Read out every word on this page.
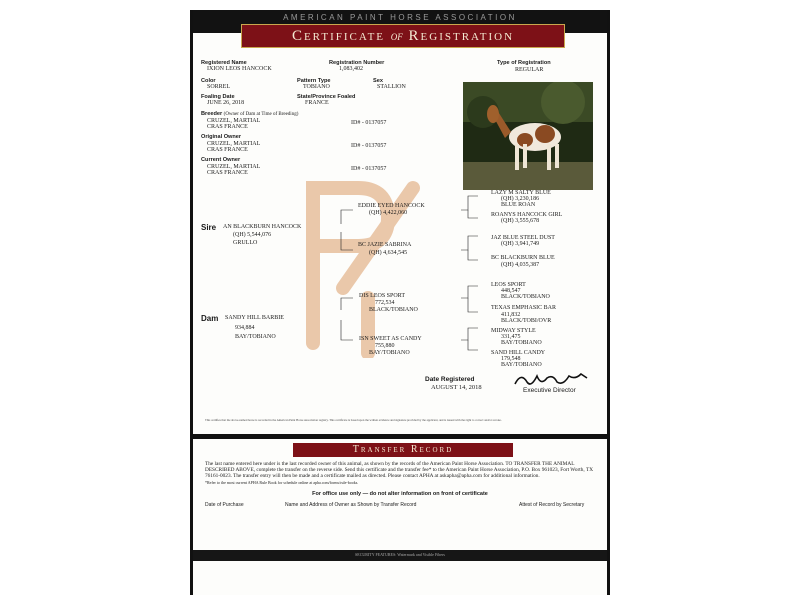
AMERICAN PAINT HORSE ASSOCIATION
Certificate of Registration
Registered Name
IXION LEOS HANCOCK
Registration Number
1,083,402
Type of Registration
REGULAR
Color
SORREL
Pattern Type
TOBIANO
Sex
STALLION
Foaling Date
JUNE 26, 2018
State/Province Foaled
FRANCE
Breeder (Owner of Dam at Time of Breeding)
CRUZEL, MARTIAL
CRAS FRANCE
ID# - 0137057
Original Owner
CRUZEL, MARTIAL
CRAS FRANCE
ID# - 0137057
Current Owner
CRUZEL, MARTIAL
CRAS FRANCE
ID# - 0137057
Sire AN BLACKBURN HANCOCK
(QH) 5,544,076
GRULLO
EDDIE EYED HANCOCK
(QH) 4,422,060
BC JAZIE SABRINA
(QH) 4,634,545
LAZY M SALTY BLUE
(QH) 3,230,186
BLUE ROAN
ROANYS HANCOCK GIRL
(QH) 3,555,678
JAZ BLUE STEEL DUST
(QH) 3,941,749
BC BLACKBURN BLUE
(QH) 4,035,387
Dam SANDY HILL BARBIE
934,884
BAY/TOBIANO
DIS LEOS SPORT
772,534
BLACK/TOBIANO
ISN SWEET AS CANDY
755,880
BAY/TOBIANO
LEOS SPORT
448,547
BLACK/TOBIANO
TEXAS EMPHASIC BAR
411,832
BLACK/TOBI/OVR
MIDWAY STYLE
331,475
BAY/TOBIANO
SAND HILL CANDY
179,548
BAY/TOBIANO
Date Registered
AUGUST 14, 2018	Executive Director
This certifies that the above-named horse is recorded in the American Paint Horse Association registry. This certificate is based upon the written evidence and signature provided by the applicant, and is issued with the right to correct and/or revoke.
Transfer Record
The last name entered here under is the last recorded owner of this animal, as shown by the records of the American Paint Horse Association. TO TRANSFER THE ANIMAL DESCRIBED ABOVE, complete the transfer on the reverse side. Send this certificate and the transfer fee* to the American Paint Horse Association, P.O. Box 961023, Fort Worth, TX 76161-0023. The transfer entry will then be made and a certificate mailed as directed. Please contact APHA at askapha@apha.com for additional information.
*Refer to the most current APHA Rule Book for schedule online at apha.com/forms/rule-books.
For office use only — do not alter information on front of certificate
Date of Purchase	Name and Address of Owner as Shown by Transfer Record	Attest of Record by Secretary
SECURITY FEATURES: Watermark and Visible Fibers
